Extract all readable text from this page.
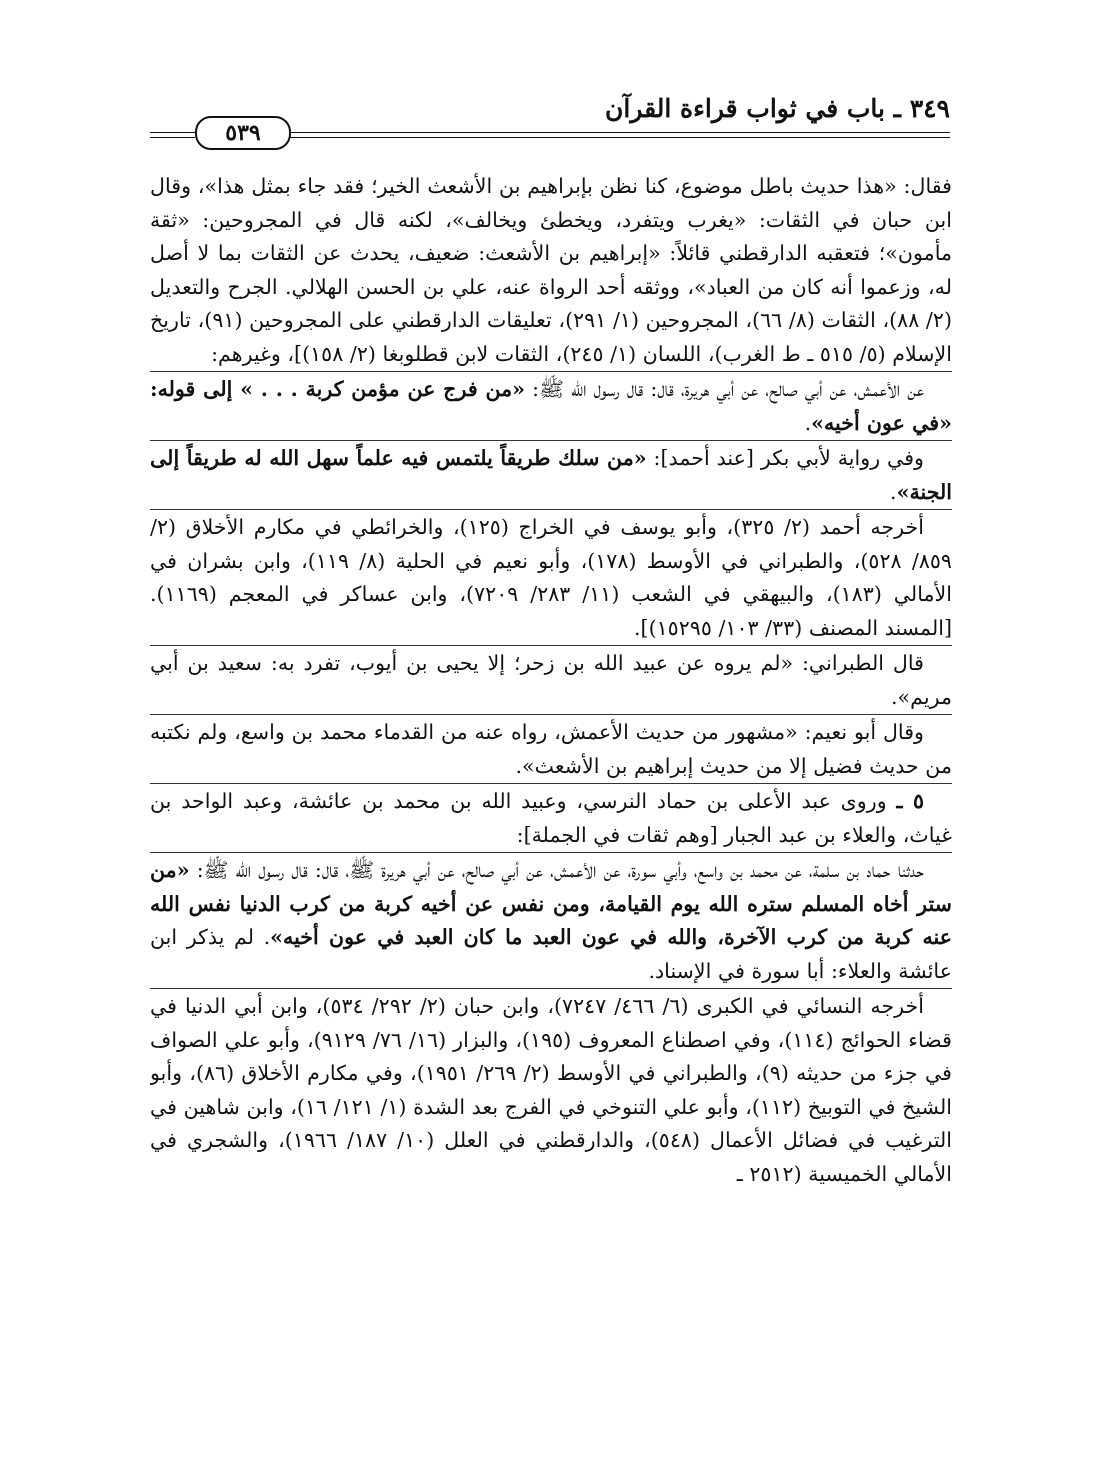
٣٤٩ ـ باب في ثواب قراءة القرآن
٥٣٩

فقال: «هذا حديث باطل موضوع، كنا نظن بإبراهيم بن الأشعث الخير؛ فقد جاء بمثل هذا»، وقال ابن حبان في الثقات: «يغرب ويتفرد، ويخطئ ويخالف»، لكنه قال في المجروحين: «ثقة مأمون»؛ فتعقبه الدارقطني قائلاً: «إبراهيم بن الأشعث: ضعيف، يحدث عن الثقات بما لا أصل له، وزعموا أنه كان من العباد»، ووثقه أحد الرواة عنه، علي بن الحسن الهلالي. الجرح والتعديل (٢/ ٨٨)، الثقات (٨/ ٦٦)، المجروحين (١/ ٢٩١)، تعليقات الدارقطني على المجروحين (٩١)، تاريخ الإسلام (٥/ ٥١٥ ـ ط الغرب)، اللسان (١/ ٢٤٥)، الثقات لابن قطلوبغا (٢/ ١٥٨)]، وغيرهم:

عن الأعمش، عن أبي صالح، عن أبي هريرة، قال: قال رسول الله ﷺ: «من فرج عن مؤمن كربة . . . » إلى قوله: «في عون أخيه».

وفي رواية لأبي بكر [عند أحمد]: «من سلك طريقاً يلتمس فيه علماً سهل الله له طريقاً إلى الجنة».

أخرجه أحمد (٢/ ٣٢٥)، وأبو يوسف في الخراج (١٢٥)، والخرائطي في مكارم الأخلاق (٢/ ٨٥٩/ ٥٢٨)، والطبراني في الأوسط (١٧٨)، وأبو نعيم في الحلية (٨/ ١١٩)، وابن بشران في الأمالي (١٨٣)، والبيهقي في الشعب (١١/ ٢٨٣/ ٧٢٠٩)، وابن عساكر في المعجم (١١٦٩). [المسند المصنف (٣٣/ ١٠٣/ ١٥٢٩٥)].

قال الطبراني: «لم يروه عن عبيد الله بن زحر؛ إلا يحيى بن أيوب، تفرد به: سعيد بن أبي مريم».

وقال أبو نعيم: «مشهور من حديث الأعمش، رواه عنه من القدماء محمد بن واسع، ولم نكتبه من حديث فضيل إلا من حديث إبراهيم بن الأشعث».

٥ ـ وروى عبد الأعلى بن حماد النرسي، وعبيد الله بن محمد بن عائشة، وعبد الواحد بن غياث، والعلاء بن عبد الجبار [وهم ثقات في الجملة]:

حدثنا حماد بن سلمة، عن محمد بن واسع، وأبي سورة، عن الأعمش، عن أبي صالح، عن أبي هريرة ﷺ، قال: قال رسول الله ﷺ: «من ستر أخاه المسلم ستره الله يوم القيامة، ومن نفس عن أخيه كربة من كرب الدنيا نفس الله عنه كربة من كرب الآخرة، والله في عون العبد ما كان العبد في عون أخيه». لم يذكر ابن عائشة والعلاء: أبا سورة في الإسناد.

أخرجه النسائي في الكبرى (٦/ ٤٦٦/ ٧٢٤٧)، وابن حبان (٢/ ٢٩٢/ ٥٣٤)، وابن أبي الدنيا في قضاء الحوائج (١١٤)، وفي اصطناع المعروف (١٩٥)، والبزار (١٦/ ٧٦/ ٩١٢٩)، وأبو علي الصواف في جزء من حديثه (٩)، والطبراني في الأوسط (٢/ ٢٦٩/ ١٩٥١)، وفي مكارم الأخلاق (٨٦)، وأبو الشيخ في التوبيخ (١١٢)، وأبو علي التنوخي في الفرج بعد الشدة (١/ ١٢١/ ١٦)، وابن شاهين في الترغيب في فضائل الأعمال (٥٤٨)، والدارقطني في العلل (١٠/ ١٨٧/ ١٩٦٦)، والشجري في الأمالي الخميسية (٢٥١٢ ـ
